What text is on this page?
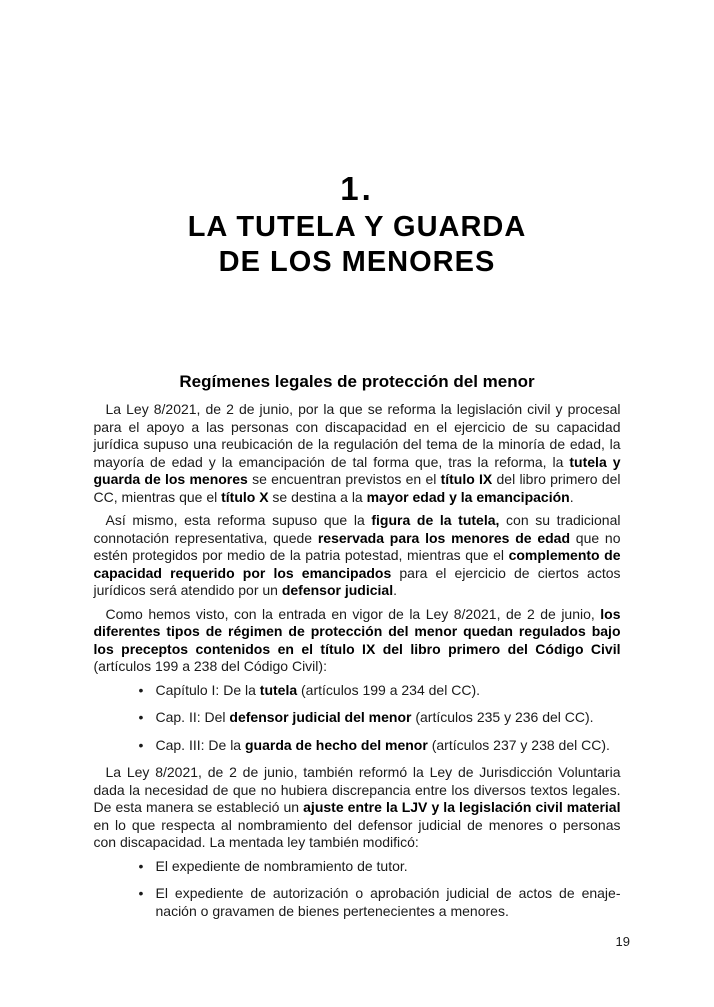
1.
LA TUTELA Y GUARDA
DE LOS MENORES
Regímenes legales de protección del menor

La Ley 8/2021, de 2 de junio, por la que se reforma la legislación civil y procesal para el apoyo a las personas con discapacidad en el ejercicio de su capacidad jurídica supuso una reubicación de la regulación del tema de la minoría de edad, la mayoría de edad y la emancipación de tal forma que, tras la reforma, la tutela y guarda de los menores se encuentran previstos en el título IX del libro primero del CC, mientras que el título X se destina a la mayor edad y la emancipación.

Así mismo, esta reforma supuso que la figura de la tutela, con su tradicional connotación representativa, quede reservada para los menores de edad que no estén protegidos por medio de la patria potestad, mientras que el complemento de capacidad requerido por los emancipados para el ejercicio de ciertos actos jurídicos será atendido por un defensor judicial.

Como hemos visto, con la entrada en vigor de la Ley 8/2021, de 2 de junio, los diferentes tipos de régimen de protección del menor quedan regulados bajo los preceptos contenidos en el título IX del libro primero del Código Civil (artículos 199 a 238 del Código Civil):

• Capítulo I: De la tutela (artículos 199 a 234 del CC).
• Cap. II: Del defensor judicial del menor (artículos 235 y 236 del CC).
• Cap. III: De la guarda de hecho del menor (artículos 237 y 238 del CC).

La Ley 8/2021, de 2 de junio, también reformó la Ley de Jurisdicción Voluntaria dada la necesidad de que no hubiera discrepancia entre los diversos textos legales. De esta manera se estableció un ajuste entre la LJV y la legislación civil material en lo que respecta al nombramiento del defensor judicial de menores o personas con discapacidad. La mentada ley también modificó:

• El expediente de nombramiento de tutor.
• El expediente de autorización o aprobación judicial de actos de enajenación o gravamen de bienes pertenecientes a menores.
19
